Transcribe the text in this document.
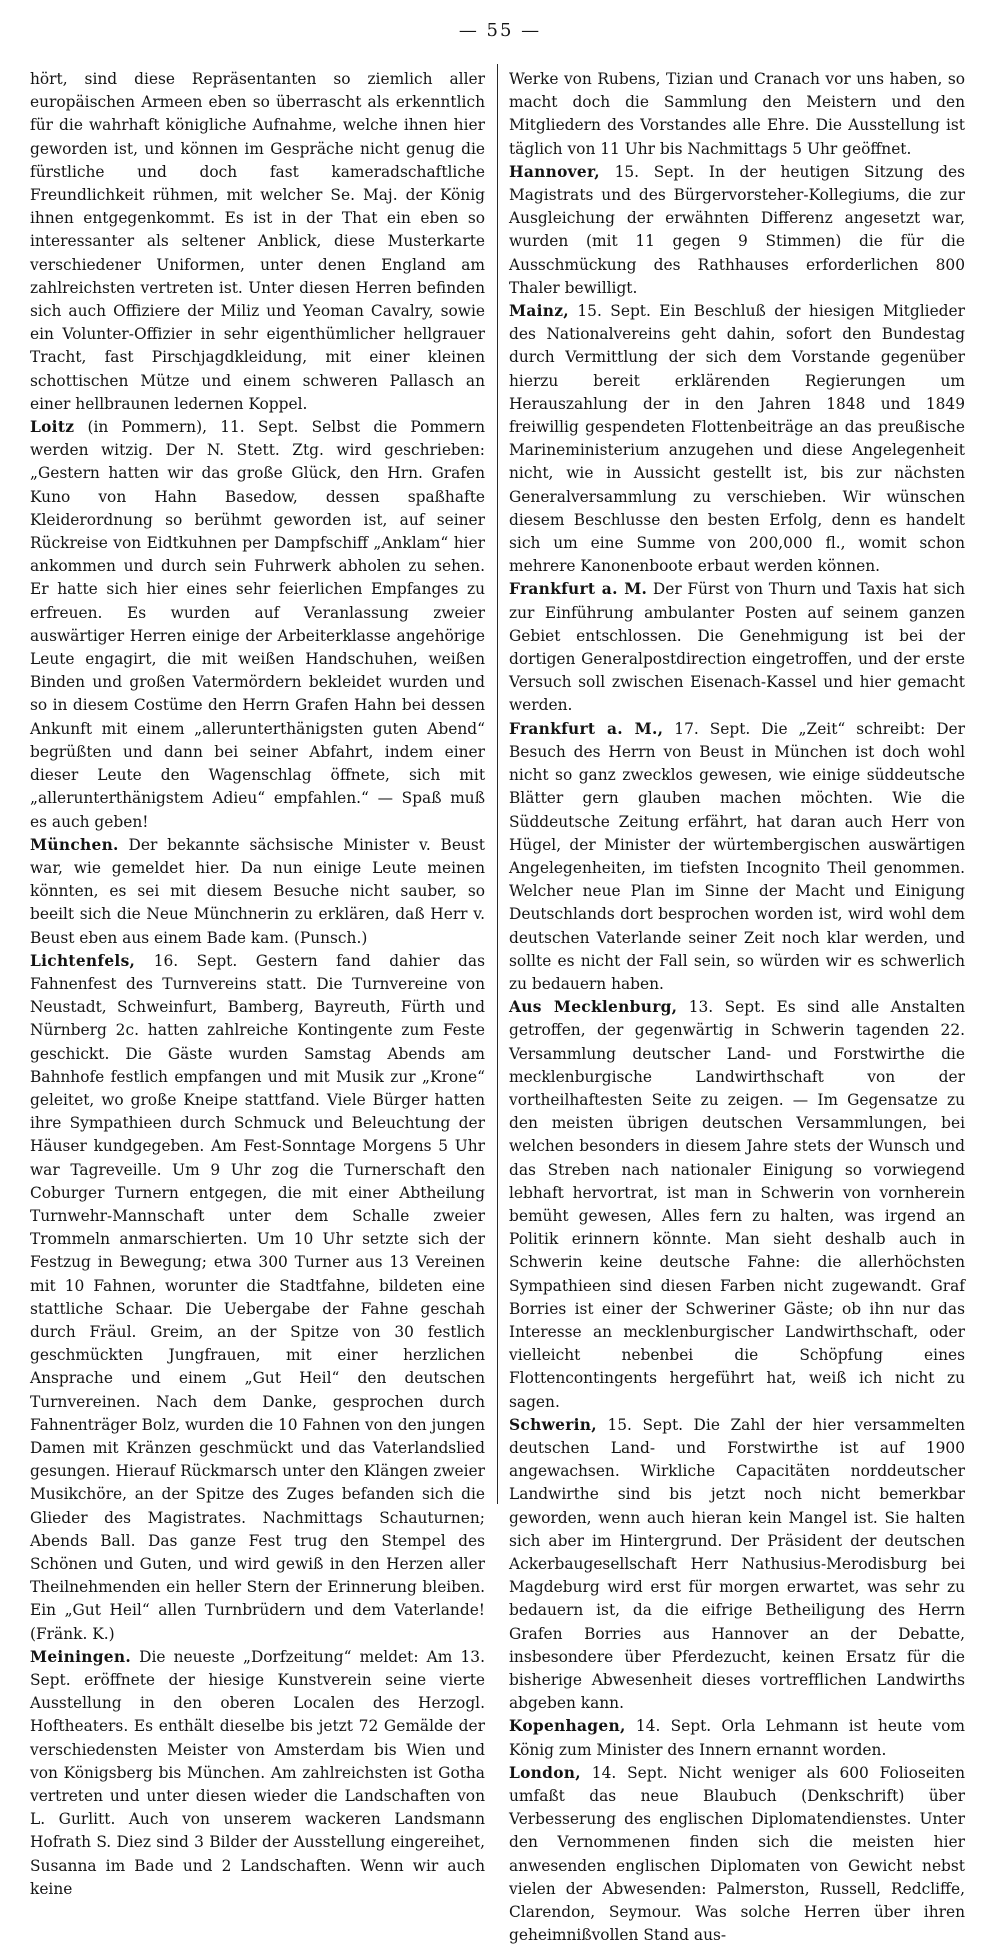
— 55 —

hört, sind diese Repräsentanten so ziemlich aller europäischen Armeen eben so überrascht als erkenntlich für die wahrhaft königliche Aufnahme, welche ihnen hier geworden ist, und können im Gespräche nicht genug die fürstliche und doch fast kameradschaftliche Freundlichkeit rühmen, mit welcher Se. Maj. der König ihnen entgegenkommt. Es ist in der That ein eben so interessanter als seltener Anblick, diese Musterkarte verschiedener Uniformen, unter denen England am zahlreichsten vertreten ist. Unter diesen Herren befinden sich auch Offiziere der Miliz und Yeoman Cavalry, sowie ein Volunter-Offizier in sehr eigenthümlicher hellgrauer Tracht, fast Pirschjagdkleidung, mit einer kleinen schottischen Mütze und einem schweren Pallasch an einer hellbraunen ledernen Koppel.

Loitz (in Pommern), 11. Sept. Selbst die Pommern werden witzig. Der N. Stett. Ztg. wird geschrieben: „Gestern hatten wir das große Glück, den Hrn. Grafen Kuno von Hahn Basedow, dessen spaßhafte Kleiderordnung so berühmt geworden ist, auf seiner Rückreise von Eidtkuhnen per Dampfschiff „Anklam“ hier ankommen und durch sein Fuhrwerk abholen zu sehen. Er hatte sich hier eines sehr feierlichen Empfanges zu erfreuen. Es wurden auf Veranlassung zweier auswärtiger Herren einige der Arbeiterklasse angehörige Leute engagirt, die mit weißen Handschuhen, weißen Binden und großen Vatermördern bekleidet wurden und so in diesem Costüme den Herrn Grafen Hahn bei dessen Ankunft mit einem „allerunterthänigsten guten Abend“ begrüßten und dann bei seiner Abfahrt, indem einer dieser Leute den Wagenschlag öffnete, sich mit „allerunterthänigstem Adieu“ empfahlen.“ — Spaß muß es auch geben!

München. Der bekannte sächsische Minister v. Beust war, wie gemeldet hier. Da nun einige Leute meinen könnten, es sei mit diesem Besuche nicht sauber, so beeilt sich die Neue Münchnerin zu erklären, daß Herr v. Beust eben aus einem Bade kam. (Punsch.)

Lichtenfels, 16. Sept. Gestern fand dahier das Fahnenfest des Turnvereins statt. Die Turnvereine von Neustadt, Schweinfurt, Bamberg, Bayreuth, Fürth und Nürnberg 2c. hatten zahlreiche Kontingente zum Feste geschickt. Die Gäste wurden Samstag Abends am Bahnhofe festlich empfangen und mit Musik zur „Krone“ geleitet, wo große Kneipe stattfand. Viele Bürger hatten ihre Sympathieen durch Schmuck und Beleuchtung der Häuser kundgegeben. Am Fest-Sonntage Morgens 5 Uhr war Tagreveille. Um 9 Uhr zog die Turnerschaft den Coburger Turnern entgegen, die mit einer Abtheilung Turnwehr-Mannschaft unter dem Schalle zweier Trommeln anmarschierten. Um 10 Uhr setzte sich der Festzug in Bewegung; etwa 300 Turner aus 13 Vereinen mit 10 Fahnen, worunter die Stadtfahne, bildeten eine stattliche Schaar. Die Uebergabe der Fahne geschah durch Fräul. Greim, an der Spitze von 30 festlich geschmückten Jungfrauen, mit einer herzlichen Ansprache und einem „Gut Heil“ den deutschen Turnvereinen. Nach dem Danke, gesprochen durch Fahnenträger Bolz, wurden die 10 Fahnen von den jungen Damen mit Kränzen geschmückt und das Vaterlandslied gesungen. Hierauf Rückmarsch unter den Klängen zweier Musikchöre, an der Spitze des Zuges befanden sich die Glieder des Magistrates. Nachmittags Schauturnen; Abends Ball. Das ganze Fest trug den Stempel des Schönen und Guten, und wird gewiß in den Herzen aller Theilnehmenden ein heller Stern der Erinnerung bleiben. Ein „Gut Heil“ allen Turnbrüdern und dem Vaterlande! (Fränk. K.)

Meiningen. Die neueste „Dorfzeitung“ meldet: Am 13. Sept. eröffnete der hiesige Kunstverein seine vierte Ausstellung in den oberen Localen des Herzogl. Hoftheaters. Es enthält dieselbe bis jetzt 72 Gemälde der verschiedensten Meister von Amsterdam bis Wien und von Königsberg bis München. Am zahlreichsten ist Gotha vertreten und unter diesen wieder die Landschaften von L. Gurlitt. Auch von unserem wackeren Landsmann Hofrath S. Diez sind 3 Bilder der Ausstellung eingereihet, Susanna im Bade und 2 Landschaften. Wenn wir auch keine

Werke von Rubens, Tizian und Cranach vor uns haben, so macht doch die Sammlung den Meistern und den Mitgliedern des Vorstandes alle Ehre. Die Ausstellung ist täglich von 11 Uhr bis Nachmittags 5 Uhr geöffnet.

Hannover, 15. Sept. In der heutigen Sitzung des Magistrats und des Bürgervorsteher-Kollegiums, die zur Ausgleichung der erwähnten Differenz angesetzt war, wurden (mit 11 gegen 9 Stimmen) die für die Ausschmückung des Rathhauses erforderlichen 800 Thaler bewilligt.

Mainz, 15. Sept. Ein Beschluß der hiesigen Mitglieder des Nationalvereins geht dahin, sofort den Bundestag durch Vermittlung der sich dem Vorstande gegenüber hierzu bereit erklärenden Regierungen um Herauszahlung der in den Jahren 1848 und 1849 freiwillig gespendeten Flottenbeiträge an das preußische Marineministerium anzugehen und diese Angelegenheit nicht, wie in Aussicht gestellt ist, bis zur nächsten Generalversammlung zu verschieben. Wir wünschen diesem Beschlusse den besten Erfolg, denn es handelt sich um eine Summe von 200,000 fl., womit schon mehrere Kanonenboote erbaut werden können.

Frankfurt a. M. Der Fürst von Thurn und Taxis hat sich zur Einführung ambulanter Posten auf seinem ganzen Gebiet entschlossen. Die Genehmigung ist bei der dortigen Generalpostdirection eingetroffen, und der erste Versuch soll zwischen Eisenach-Kassel und hier gemacht werden.

Frankfurt a. M., 17. Sept. Die „Zeit“ schreibt: Der Besuch des Herrn von Beust in München ist doch wohl nicht so ganz zwecklos gewesen, wie einige süddeutsche Blätter gern glauben machen möchten. Wie die Süddeutsche Zeitung erfährt, hat daran auch Herr von Hügel, der Minister der würtembergischen auswärtigen Angelegenheiten, im tiefsten Incognito Theil genommen. Welcher neue Plan im Sinne der Macht und Einigung Deutschlands dort besprochen worden ist, wird wohl dem deutschen Vaterlande seiner Zeit noch klar werden, und sollte es nicht der Fall sein, so würden wir es schwerlich zu bedauern haben.

Aus Mecklenburg, 13. Sept. Es sind alle Anstalten getroffen, der gegenwärtig in Schwerin tagenden 22. Versammlung deutscher Land- und Forstwirthe die mecklenburgische Landwirthschaft von der vortheilhaftesten Seite zu zeigen. — Im Gegensatze zu den meisten übrigen deutschen Versammlungen, bei welchen besonders in diesem Jahre stets der Wunsch und das Streben nach nationaler Einigung so vorwiegend lebhaft hervortrat, ist man in Schwerin von vornherein bemüht gewesen, Alles fern zu halten, was irgend an Politik erinnern könnte. Man sieht deshalb auch in Schwerin keine deutsche Fahne: die allerhöchsten Sympathieen sind diesen Farben nicht zugewandt. Graf Borries ist einer der Schweriner Gäste; ob ihn nur das Interesse an mecklenburgischer Landwirthschaft, oder vielleicht nebenbei die Schöpfung eines Flottencontingents hergeführt hat, weiß ich nicht zu sagen.

Schwerin, 15. Sept. Die Zahl der hier versammelten deutschen Land- und Forstwirthe ist auf 1900 angewachsen. Wirkliche Capacitäten norddeutscher Landwirthe sind bis jetzt noch nicht bemerkbar geworden, wenn auch hieran kein Mangel ist. Sie halten sich aber im Hintergrund. Der Präsident der deutschen Ackerbaugesellschaft Herr Nathusius-Merodisburg bei Magdeburg wird erst für morgen erwartet, was sehr zu bedauern ist, da die eifrige Betheiligung des Herrn Grafen Borries aus Hannover an der Debatte, insbesondere über Pferdezucht, keinen Ersatz für die bisherige Abwesenheit dieses vortrefflichen Landwirths abgeben kann.

Kopenhagen, 14. Sept. Orla Lehmann ist heute vom König zum Minister des Innern ernannt worden.

London, 14. Sept. Nicht weniger als 600 Folioseiten umfaßt das neue Blaubuch (Denkschrift) über Verbesserung des englischen Diplomatendienstes. Unter den Vernommenen finden sich die meisten hier anwesenden englischen Diplomaten von Gewicht nebst vielen der Abwesenden: Palmerston, Russell, Redcliffe, Clarendon, Seymour. Was solche Herren über ihren geheimnißvollen Stand aus-
